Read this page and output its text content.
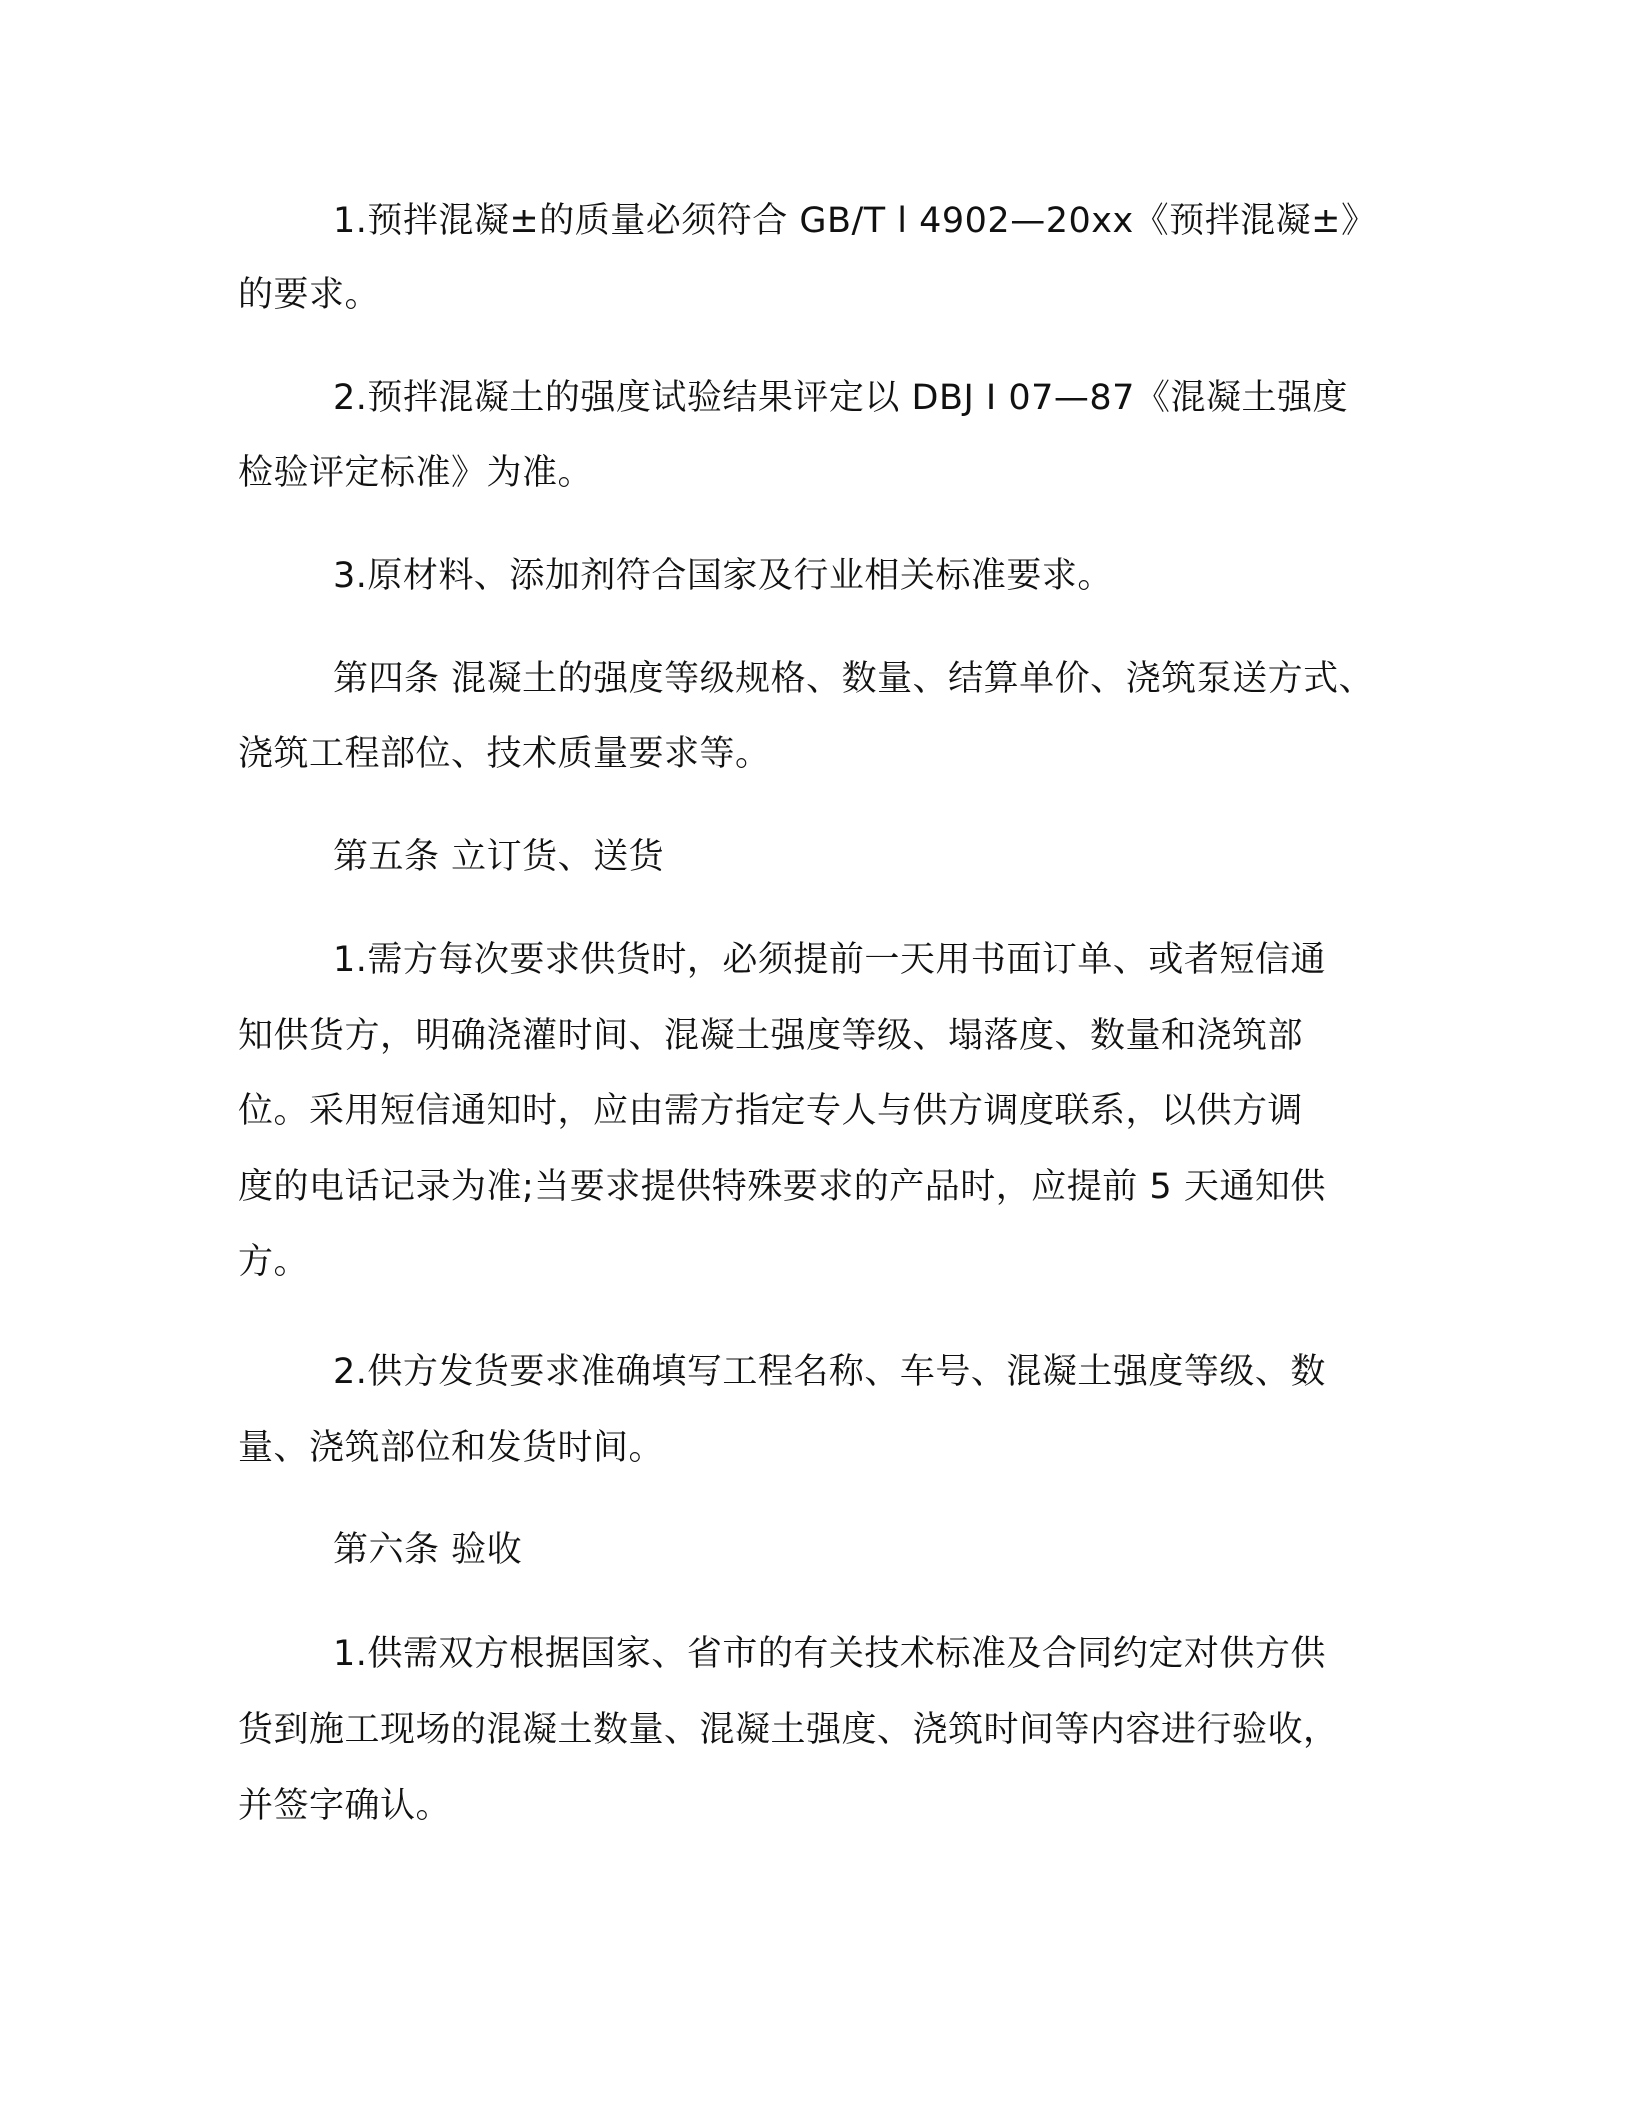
1.预拌混凝±的质量必须符合 GB/T l 4902—20xx《预拌混凝±》
的要求。
2.预拌混凝土的强度试验结果评定以 DBJ I 07—87《混凝土强度
检验评定标准》为准。
3.原材料、添加剂符合国家及行业相关标准要求。
第四条 混凝土的强度等级规格、数量、结算单价、浇筑泵送方式、
浇筑工程部位、技术质量要求等。
第五条 立订货、送货
1.需方每次要求供货时，必须提前一天用书面订单、或者短信通
知供货方，明确浇灌时间、混凝土强度等级、塌落度、数量和浇筑部
位。采用短信通知时，应由需方指定专人与供方调度联系，以供方调
度的电话记录为准;当要求提供特殊要求的产品时，应提前 5 天通知供
方。
2.供方发货要求准确填写工程名称、车号、混凝土强度等级、数
量、浇筑部位和发货时间。
第六条 验收
1.供需双方根据国家、省市的有关技术标准及合同约定对供方供
货到施工现场的混凝土数量、混凝土强度、浇筑时间等内容进行验收，
并签字确认。
